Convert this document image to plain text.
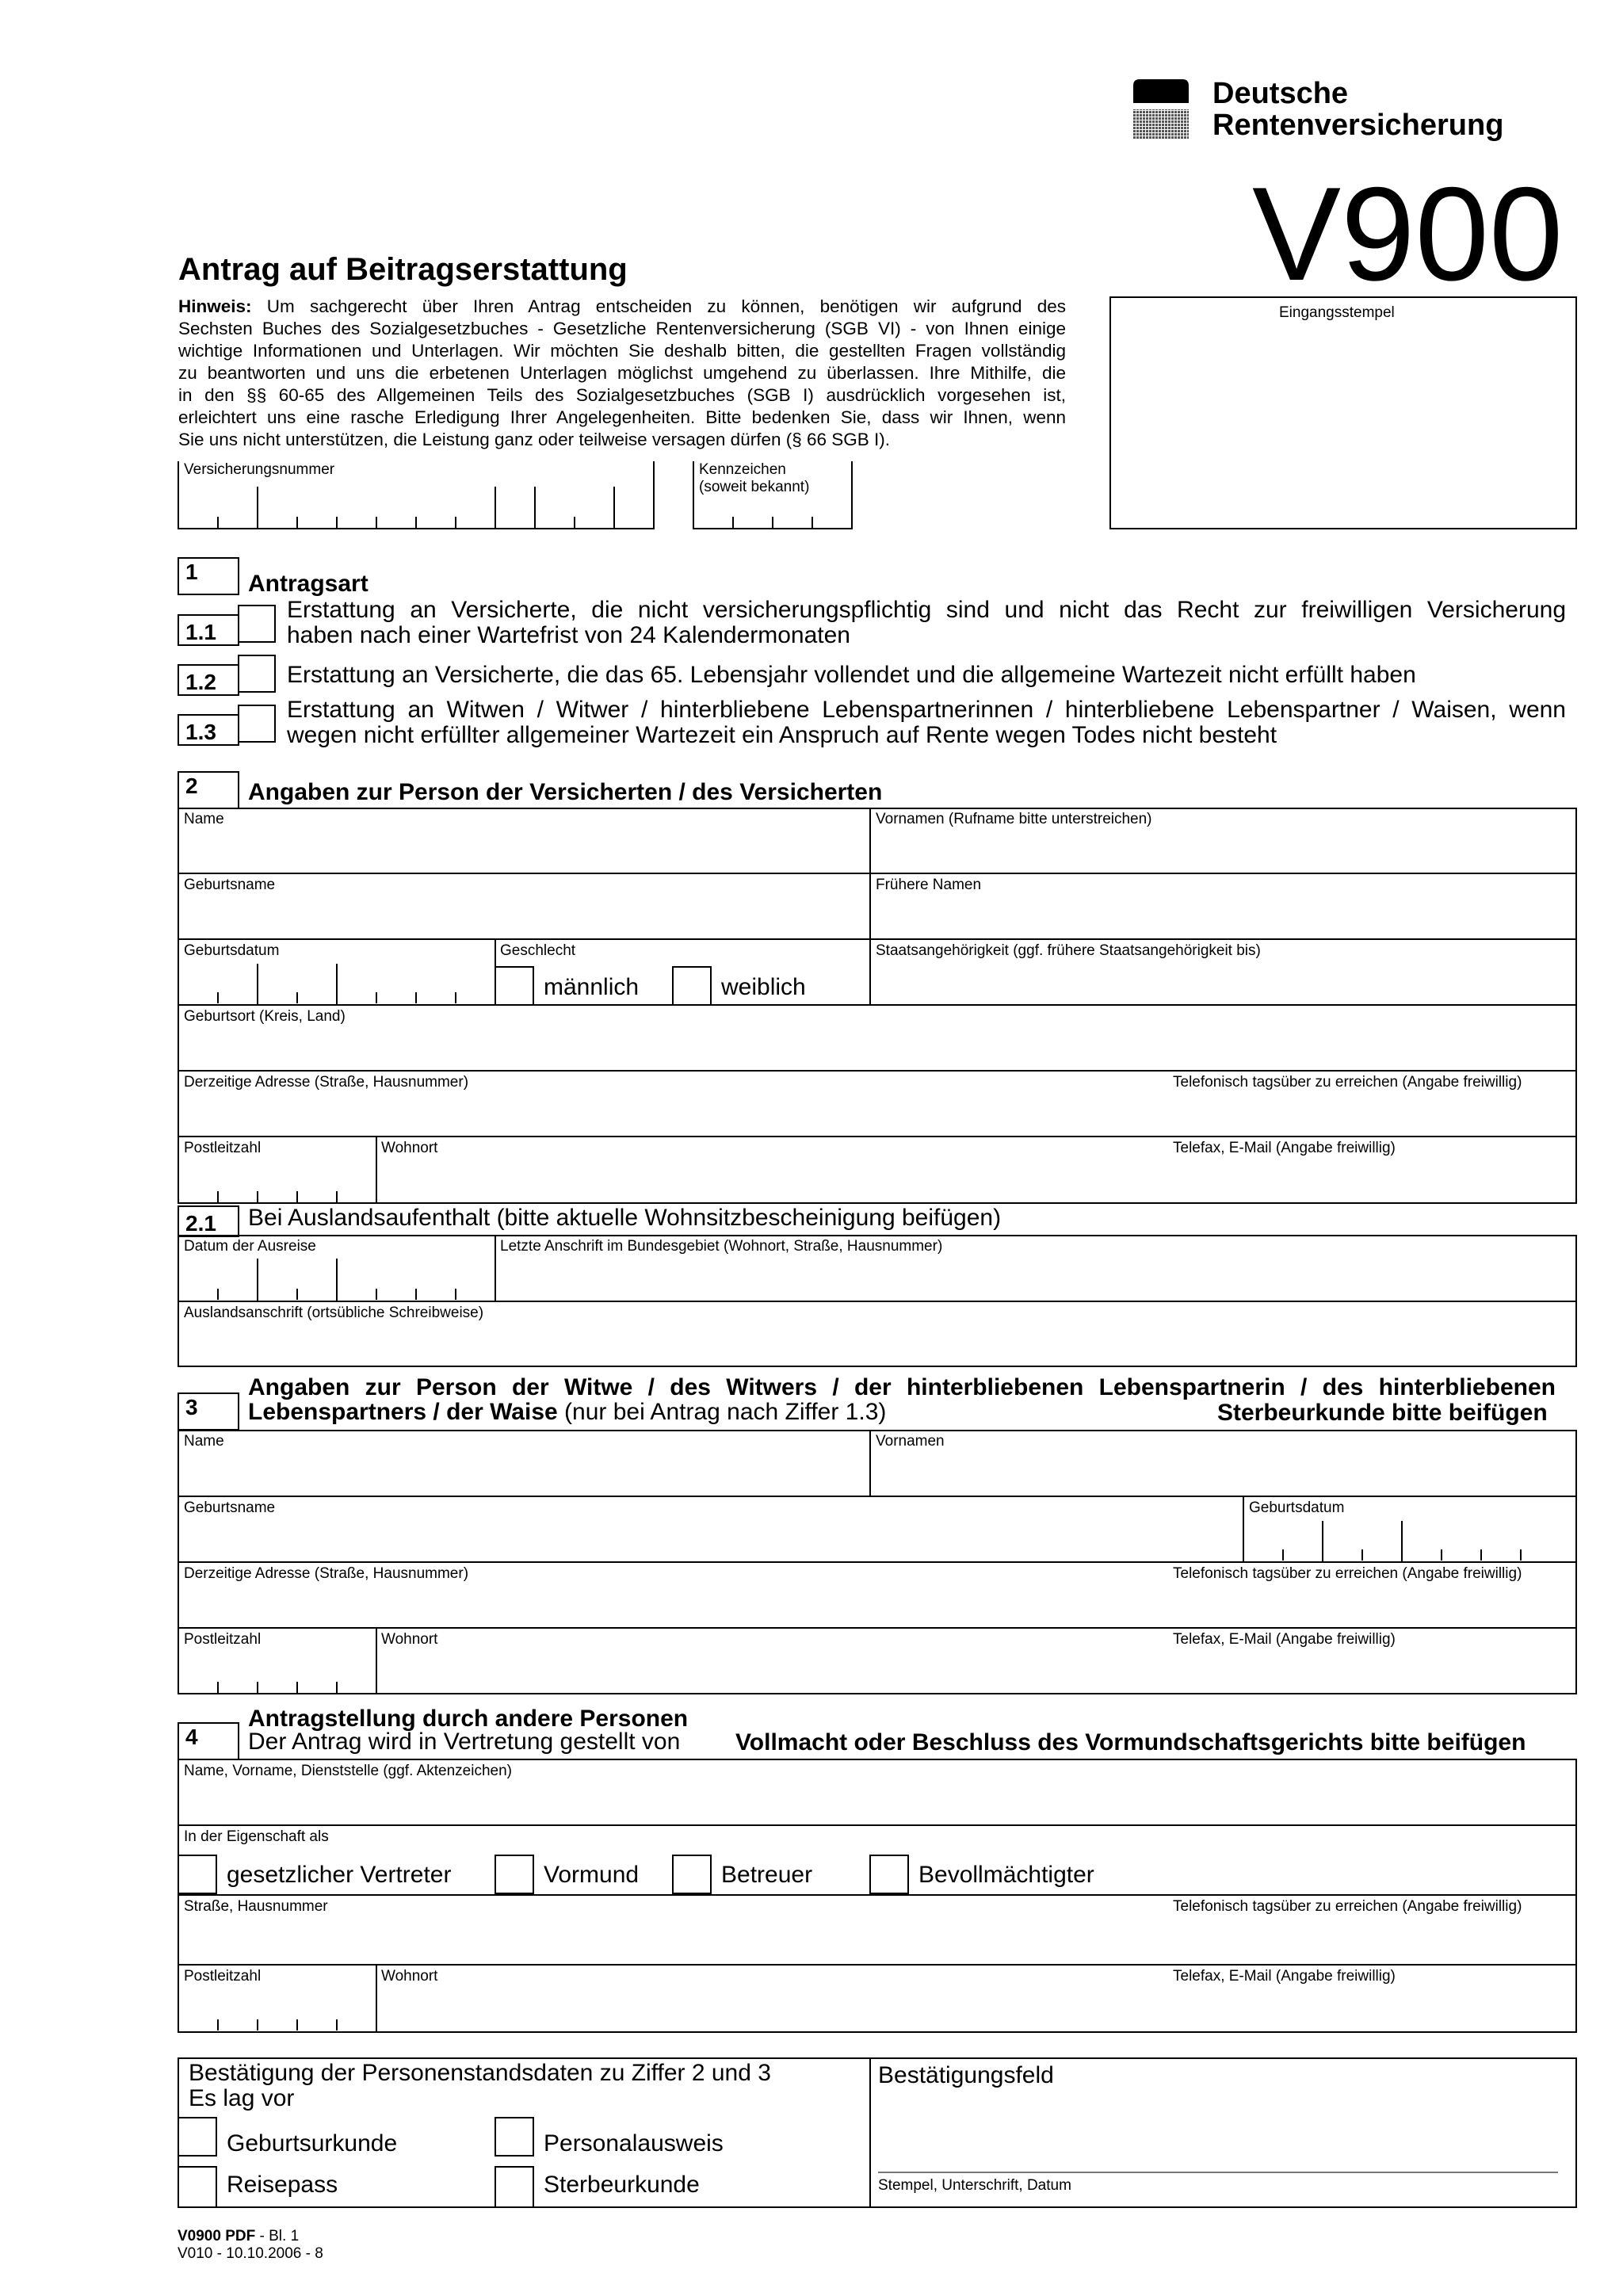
Deutsche
Rentenversicherung
V900
Antrag auf Beitragserstattung
Hinweis: Um sachgerecht über Ihren Antrag entscheiden zu können, benötigen wir aufgrund des
Sechsten Buches des Sozialgesetzbuches - Gesetzliche Rentenversicherung (SGB VI) - von Ihnen einige
wichtige Informationen und Unterlagen. Wir möchten Sie deshalb bitten, die gestellten Fragen vollständig
zu beantworten und uns die erbetenen Unterlagen möglichst umgehend zu überlassen. Ihre Mithilfe, die
in den §§ 60-65 des Allgemeinen Teils des Sozialgesetzbuches (SGB I) ausdrücklich vorgesehen ist,
erleichtert uns eine rasche Erledigung Ihrer Angelegenheiten. Bitte bedenken Sie, dass wir Ihnen, wenn
Sie uns nicht unterstützen, die Leistung ganz oder teilweise versagen dürfen (§ 66 SGB I).
Eingangsstempel
Versicherungsnummer	Kennzeichen
(soweit bekannt)
1	Antragsart
1.1
Erstattung an Versicherte, die nicht versicherungspflichtig sind und nicht das Recht zur freiwilligen Versicherung
haben nach einer Wartefrist von 24 Kalendermonaten
1.2	Erstattung an Versicherte, die das 65. Lebensjahr vollendet und die allgemeine Wartezeit nicht erfüllt haben
1.3
Erstattung an Witwen / Witwer / hinterbliebene Lebenspartnerinnen / hinterbliebene Lebenspartner / Waisen, wenn
wegen nicht erfüllter allgemeiner Wartezeit ein Anspruch auf Rente wegen Todes nicht besteht
2	Angaben zur Person der Versicherten / des Versicherten
Name	Vornamen (Rufname bitte unterstreichen)
Geburtsname	Frühere Namen
Geburtsdatum	Geschlecht	Staatsangehörigkeit (ggf. frühere Staatsangehörigkeit bis)
männlich	weiblich
Geburtsort (Kreis, Land)
Derzeitige Adresse (Straße, Hausnummer)	Telefonisch tagsüber zu erreichen (Angabe freiwillig)
Postleitzahl	Wohnort	Telefax, E-Mail (Angabe freiwillig)
2.1	Bei Auslandsaufenthalt (bitte aktuelle Wohnsitzbescheinigung beifügen)
Datum der Ausreise	Letzte Anschrift im Bundesgebiet (Wohnort, Straße, Hausnummer)
Auslandsanschrift (ortsübliche Schreibweise)
3
Angaben zur Person der Witwe / des Witwers / der hinterbliebenen Lebenspartnerin / des hinterbliebenen
Lebenspartners / der Waise (nur bei Antrag nach Ziffer 1.3)	Sterbeurkunde bitte beifügen
Name	Vornamen
Geburtsname	Geburtsdatum
Derzeitige Adresse (Straße, Hausnummer)	Telefonisch tagsüber zu erreichen (Angabe freiwillig)
Postleitzahl	Wohnort	Telefax, E-Mail (Angabe freiwillig)
4
Antragstellung durch andere Personen
Der Antrag wird in Vertretung gestellt von Vollmacht oder Beschluss des Vormundschaftsgerichts bitte beifügen
Name, Vorname, Dienststelle (ggf. Aktenzeichen)
In der Eigenschaft als
gesetzlicher Vertreter	Vormund	Betreuer	Bevollmächtigter
Straße, Hausnummer	Telefonisch tagsüber zu erreichen (Angabe freiwillig)
Postleitzahl	Wohnort	Telefax, E-Mail (Angabe freiwillig)
Bestätigung der Personenstandsdaten zu Ziffer 2 und 3
Es lag vor
Geburtsurkunde	Personalausweis
Reisepass	Sterbeurkunde
Bestätigungsfeld
Stempel, Unterschrift, Datum
V0900 PDF - Bl. 1
V010 - 10.10.2006 - 8
